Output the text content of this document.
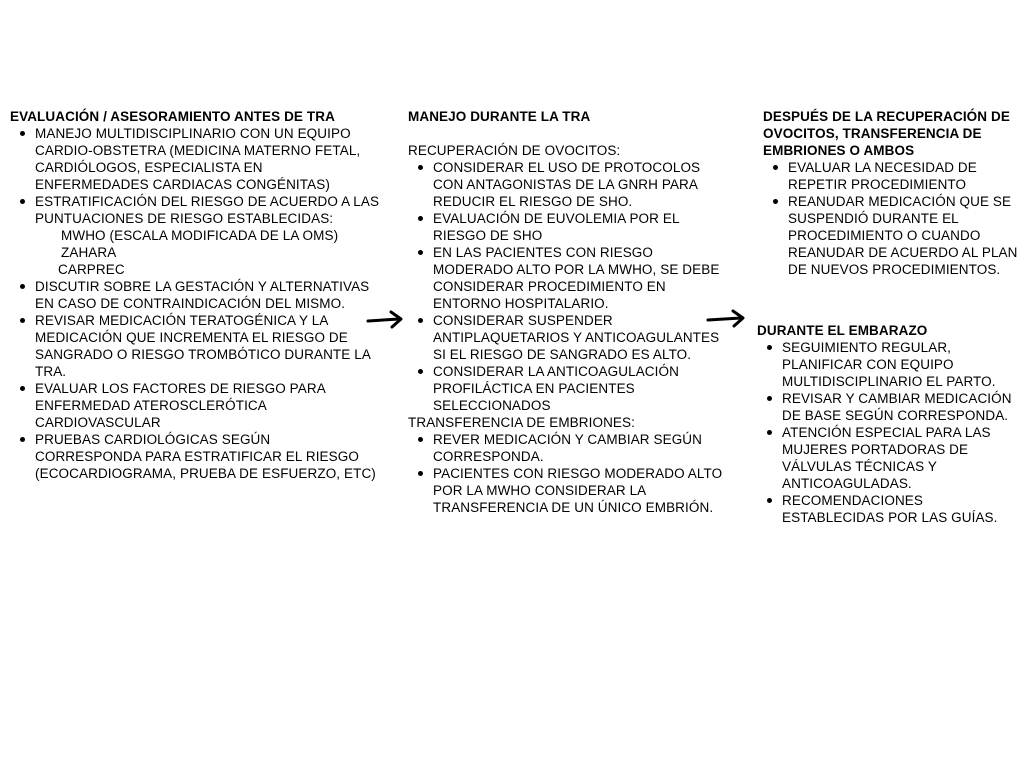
EVALUACIÓN / ASESORAMIENTO ANTES DE TRA
MANEJO MULTIDISCIPLINARIO CON UN EQUIPO CARDIO-OBSTETRA (MEDICINA MATERNO FETAL, CARDIÓLOGOS, ESPECIALISTA EN ENFERMEDADES CARDIACAS CONGÉNITAS)
ESTRATIFICACIÓN DEL RIESGO DE ACUERDO A LAS PUNTUACIONES DE RIESGO ESTABLECIDAS:
MWHO (ESCALA MODIFICADA DE LA OMS)
ZAHARA
CARPREC
DISCUTIR SOBRE LA GESTACIÓN Y ALTERNATIVAS EN CASO DE CONTRAINDICACIÓN DEL MISMO.
REVISAR MEDICACIÓN TERATOGÉNICA Y LA MEDICACIÓN QUE INCREMENTA EL RIESGO DE SANGRADO O RIESGO TROMBÓTICO DURANTE LA TRA.
EVALUAR LOS FACTORES DE RIESGO PARA ENFERMEDAD ATEROSCLERÓTICA CARDIOVASCULAR
PRUEBAS CARDIOLÓGICAS SEGÚN CORRESPONDA PARA ESTRATIFICAR EL RIESGO (ECOCARDIOGRAMA, PRUEBA DE ESFUERZO, ETC)
MANEJO DURANTE LA TRA

RECUPERACIÓN DE OVOCITOS:

CONSIDERAR EL USO DE PROTOCOLOS CON ANTAGONISTAS DE LA GNRH PARA REDUCIR EL RIESGO DE SHO.
EVALUACIÓN DE EUVOLEMIA POR EL RIESGO DE SHO
EN LAS PACIENTES CON RIESGO MODERADO ALTO POR LA MWHO, SE DEBE CONSIDERAR PROCEDIMIENTO EN ENTORNO HOSPITALARIO.
CONSIDERAR SUSPENDER ANTIPLAQUETARIOS Y ANTICOAGULANTES SI EL RIESGO DE SANGRADO ES ALTO.
CONSIDERAR LA ANTICOAGULACIÓN PROFILÁCTICA EN PACIENTES SELECCIONADOS

TRANSFERENCIA DE EMBRIONES:

REVER MEDICACIÓN Y CAMBIAR SEGÚN CORRESPONDA.
PACIENTES CON RIESGO MODERADO ALTO POR LA MWHO CONSIDERAR LA TRANSFERENCIA DE UN ÚNICO EMBRIÓN.
DESPUÉS DE LA RECUPERACIÓN DE OVOCITOS, TRANSFERENCIA DE EMBRIONES O AMBOS
EVALUAR LA NECESIDAD DE REPETIR PROCEDIMIENTO
REANUDAR MEDICACIÓN QUE SE SUSPENDIÓ DURANTE EL PROCEDIMIENTO O CUANDO REANUDAR DE ACUERDO AL PLAN DE NUEVOS PROCEDIMIENTOS.
DURANTE EL EMBARAZO
SEGUIMIENTO REGULAR, PLANIFICAR CON EQUIPO MULTIDISCIPLINARIO EL PARTO.
REVISAR Y CAMBIAR MEDICACIÓN DE BASE SEGÚN CORRESPONDA.
ATENCIÓN ESPECIAL PARA LAS MUJERES PORTADORAS DE VÁLVULAS TÉCNICAS Y ANTICOAGULADAS.
RECOMENDACIONES ESTABLECIDAS POR LAS GUÍAS.
